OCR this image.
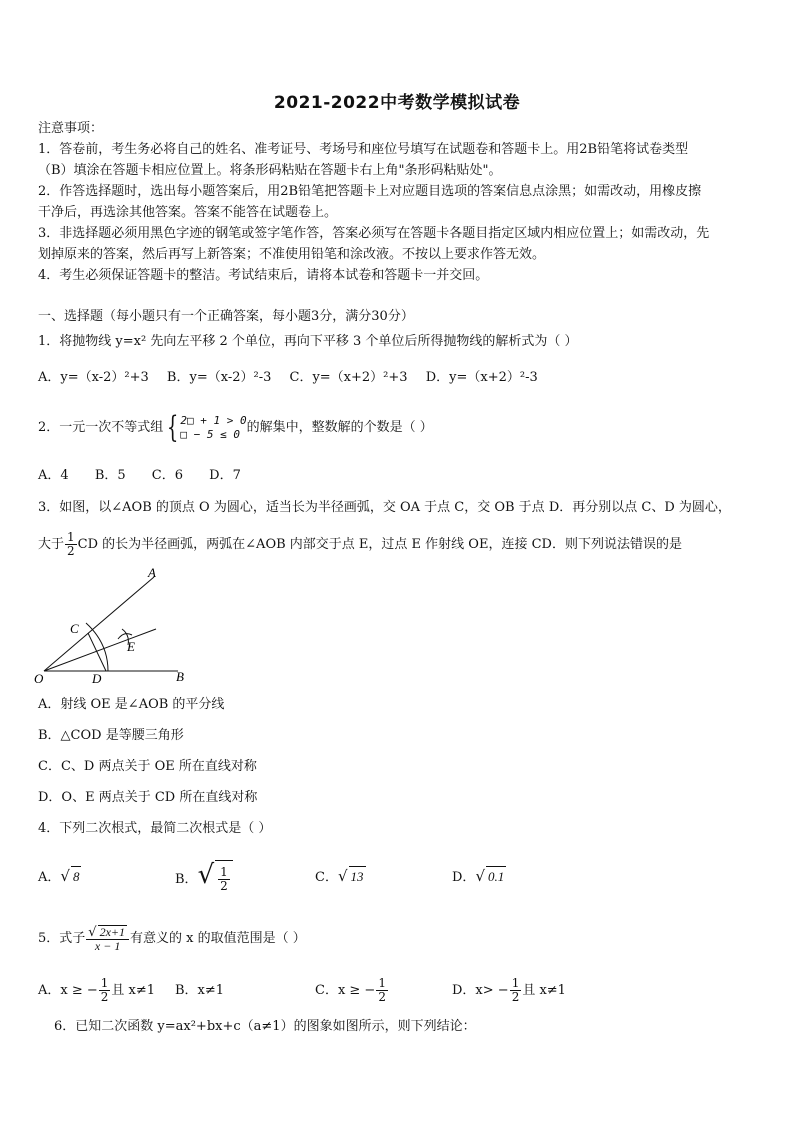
2021-2022中考数学模拟试卷
注意事项：
1．答卷前，考生务必将自己的姓名、准考证号、考场号和座位号填写在试题卷和答题卡上。用2B铅笔将试卷类型
（B）填涂在答题卡相应位置上。将条形码粘贴在答题卡右上角"条形码粘贴处"。
2．作答选择题时，选出每小题答案后，用2B铅笔把答题卡上对应题目选项的答案信息点涂黑；如需改动，用橡皮擦
干净后，再选涂其他答案。答案不能答在试题卷上。
3．非选择题必须用黑色字迹的钢笔或签字笔作答，答案必须写在答题卡各题目指定区域内相应位置上；如需改动，先
划掉原来的答案，然后再写上新答案；不准使用铅笔和涂改液。不按以上要求作答无效。
4．考生必须保证答题卡的整洁。考试结束后，请将本试卷和答题卡一并交回。
一、选择题（每小题只有一个正确答案，每小题3分，满分30分）
1．将抛物线 y=x² 先向左平移 2 个单位，再向下平移 3 个单位后所得抛物线的解析式为（ ）
A．y=（x-2）²+3 B．y=（x-2）²-3 C．y=（x+2）²+3 D．y=（x+2）²-3
2．一元一次不等式组 { 2□ + 1 > 0
□ − 5 ≤ 0 的解集中，整数解的个数是（ ）
A．4 B．5 C．6 D．7
3．如图，以∠AOB 的顶点 O 为圆心，适当长为半径画弧，交 OA 于点 C，交 OB 于点 D．再分别以点 C、D 为圆心，
大于 $\frac{1}{2}$ CD 的长为半径画弧，两弧在∠AOB 内部交于点 E，过点 E 作射线 OE，连接 CD．则下列说法错误的是
A
C
E
O	D	B
A．射线 OE 是∠AOB 的平分线
B．△COD 是等腰三角形
C．C、D 两点关于 OE 所在直线对称
D．O、E 两点关于 CD 所在直线对称
4．下列二次根式，最简二次根式是（ ）
A．√ 8	B．√ $\frac{1}{2}$	C．√ 13	D．√ 0.1
5．式子 $\frac{√ 2x+1}{x - 1}$ 有意义的 x 的取值范围是（ ）
A．x ≥ − $\frac{1}{2}$ 且 x≠1 B．x≠1	C．x ≥ − $\frac{1}{2}$	D．$x> - \frac{1}{2}$ 且 x≠1
6．已知二次函数 y=ax²+bx+c（a≠1）的图象如图所示，则下列结论：
